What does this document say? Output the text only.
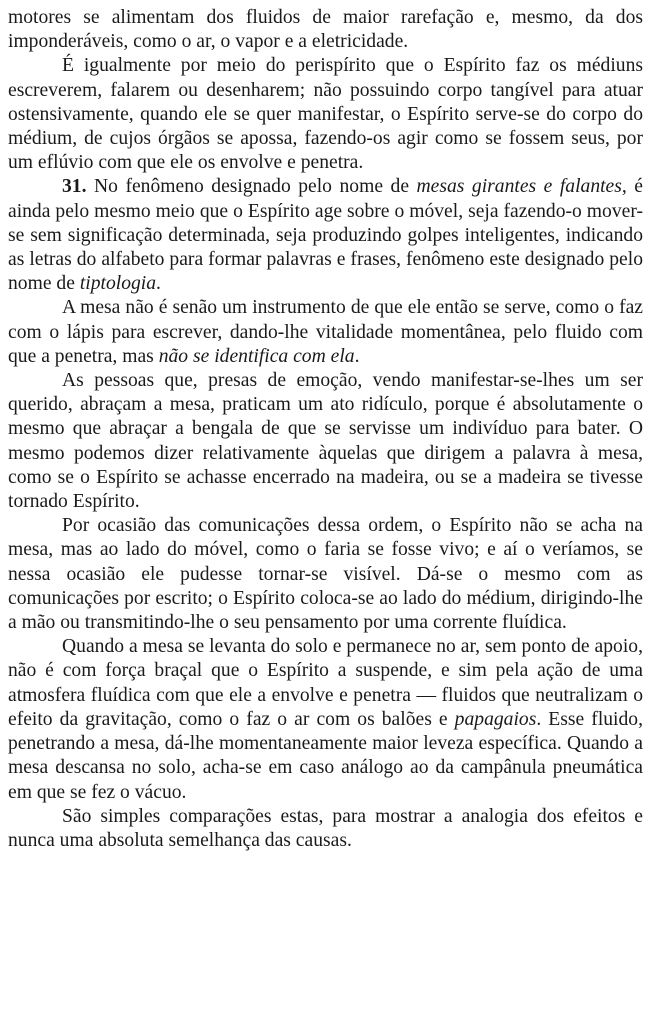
motores se alimentam dos fluidos de maior rarefação e, mesmo, da dos imponderáveis, como o ar, o vapor e a eletricidade.

É igualmente por meio do perispírito que o Espírito faz os médiuns escreverem, falarem ou desenharem; não possuindo corpo tangível para atuar ostensivamente, quando ele se quer manifestar, o Espírito serve-se do corpo do médium, de cujos órgãos se apossa, fazendo-os agir como se fossem seus, por um eflúvio com que ele os envolve e penetra.

31. No fenômeno designado pelo nome de mesas girantes e falantes, é ainda pelo mesmo meio que o Espírito age sobre o móvel, seja fazendo-o mover-se sem significação determinada, seja produzindo golpes inteligentes, indicando as letras do alfabeto para formar palavras e frases, fenômeno este designado pelo nome de tiptologia.

A mesa não é senão um instrumento de que ele então se serve, como o faz com o lápis para escrever, dando-lhe vitalidade momentânea, pelo fluido com que a penetra, mas não se identifica com ela.

As pessoas que, presas de emoção, vendo manifestar-se-lhes um ser querido, abraçam a mesa, praticam um ato ridículo, porque é absolutamente o mesmo que abraçar a bengala de que se servisse um indivíduo para bater. O mesmo podemos dizer relativamente àquelas que dirigem a palavra à mesa, como se o Espírito se achasse encerrado na madeira, ou se a madeira se tivesse tornado Espírito.

Por ocasião das comunicações dessa ordem, o Espírito não se acha na mesa, mas ao lado do móvel, como o faria se fosse vivo; e aí o veríamos, se nessa ocasião ele pudesse tornar-se visível. Dá-se o mesmo com as comunicações por escrito; o Espírito coloca-se ao lado do médium, dirigindo-lhe a mão ou transmitindo-lhe o seu pensamento por uma corrente fluídica.

Quando a mesa se levanta do solo e permanece no ar, sem ponto de apoio, não é com força braçal que o Espírito a suspende, e sim pela ação de uma atmosfera fluídica com que ele a envolve e penetra — fluidos que neutralizam o efeito da gravitação, como o faz o ar com os balões e papagaios. Esse fluido, penetrando a mesa, dá-lhe momentaneamente maior leveza específica. Quando a mesa descansa no solo, acha-se em caso análogo ao da campânula pneumática em que se fez o vácuo.

São simples comparações estas, para mostrar a analogia dos efeitos e nunca uma absoluta semelhança das causas.
